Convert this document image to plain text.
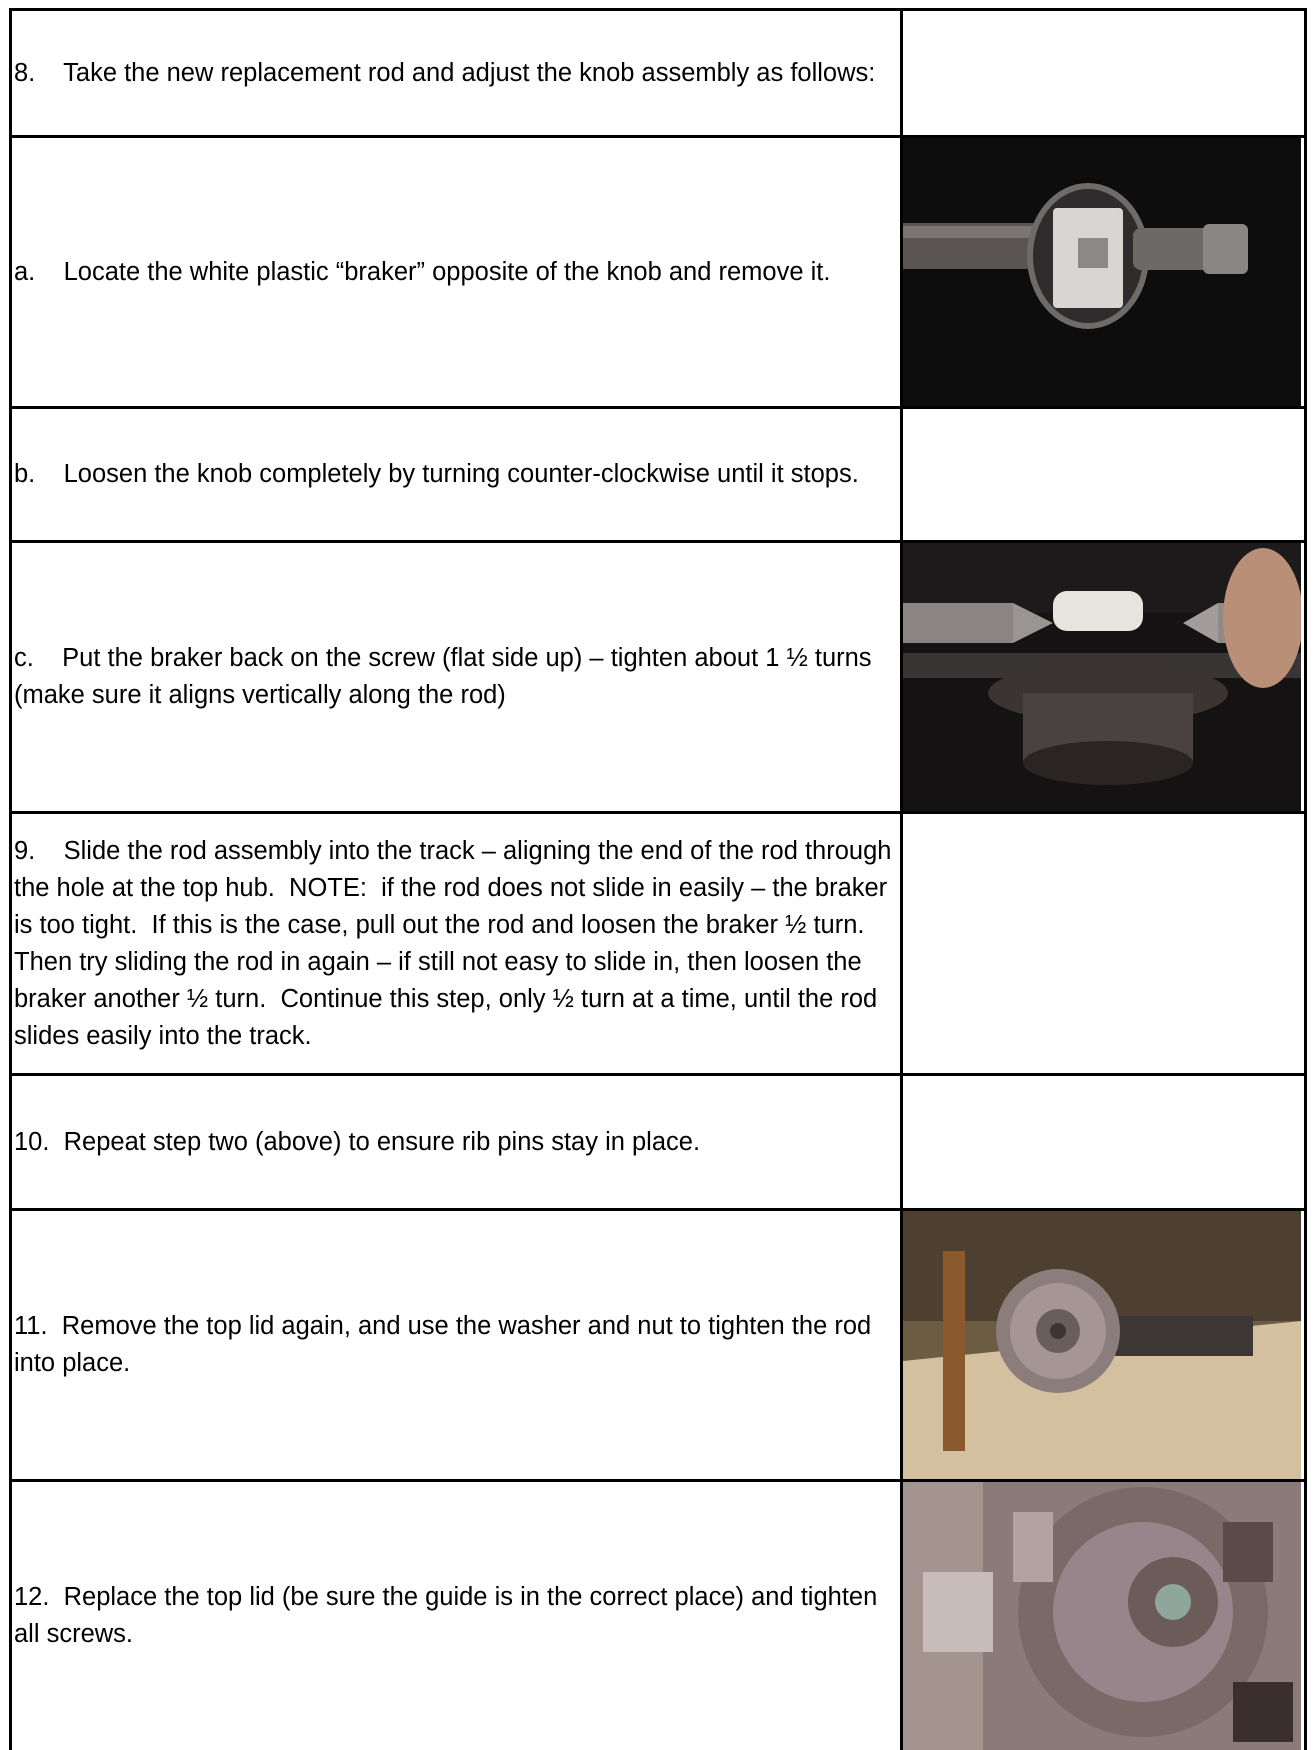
8.    Take the new replacement rod and adjust the knob assembly as follows:

a.    Locate the white plastic “braker” opposite of the knob and remove it.

b.    Loosen the knob completely by turning counter-clockwise until it stops.

c.    Put the braker back on the screw (flat side up) – tighten about 1 ½ turns (make sure it aligns vertically along the rod)

9.    Slide the rod assembly into the track – aligning the end of the rod through the hole at the top hub.  NOTE:  if the rod does not slide in easily – the braker is too tight.  If this is the case, pull out the rod and loosen the braker ½ turn.  Then try sliding the rod in again – if still not easy to slide in, then loosen the braker another ½ turn.  Continue this step, only ½ turn at a time, until the rod slides easily into the track.

10.  Repeat step two (above) to ensure rib pins stay in place.

11.  Remove the top lid again, and use the washer and nut to tighten the rod into place.

12.  Replace the top lid (be sure the guide is in the correct place) and tighten all screws.
